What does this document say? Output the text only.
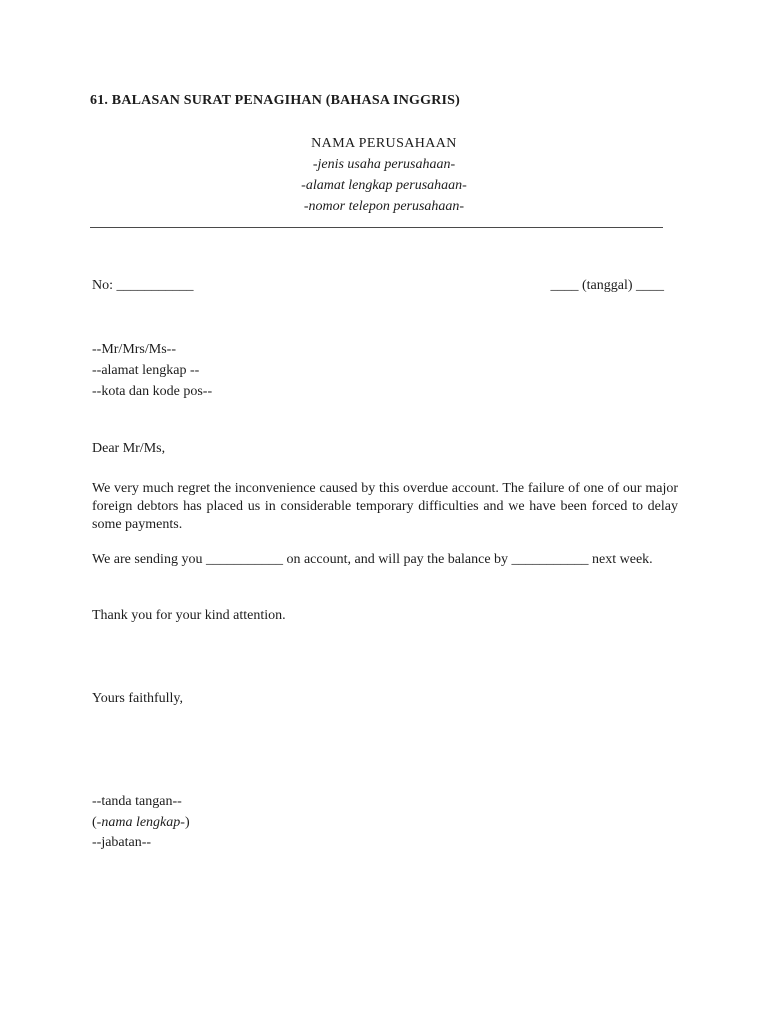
61. BALASAN SURAT PENAGIHAN (BAHASA INGGRIS)
NAMA PERUSAHAAN
-jenis usaha perusahaan-
-alamat lengkap perusahaan-
-nomor telepon perusahaan-
No: ___________	____ (tanggal) ____
--Mr/Mrs/Ms--
--alamat lengkap --
--kota dan kode pos--
Dear Mr/Ms,
We very much regret the inconvenience caused by this overdue account. The failure of one of our major foreign debtors has placed us in considerable temporary difficulties and we have been forced to delay some payments.
We are sending you ___________ on account, and will pay the balance by ___________ next week.
Thank you for your kind attention.
Yours faithfully,
--tanda tangan--
(-nama lengkap-)
--jabatan--
